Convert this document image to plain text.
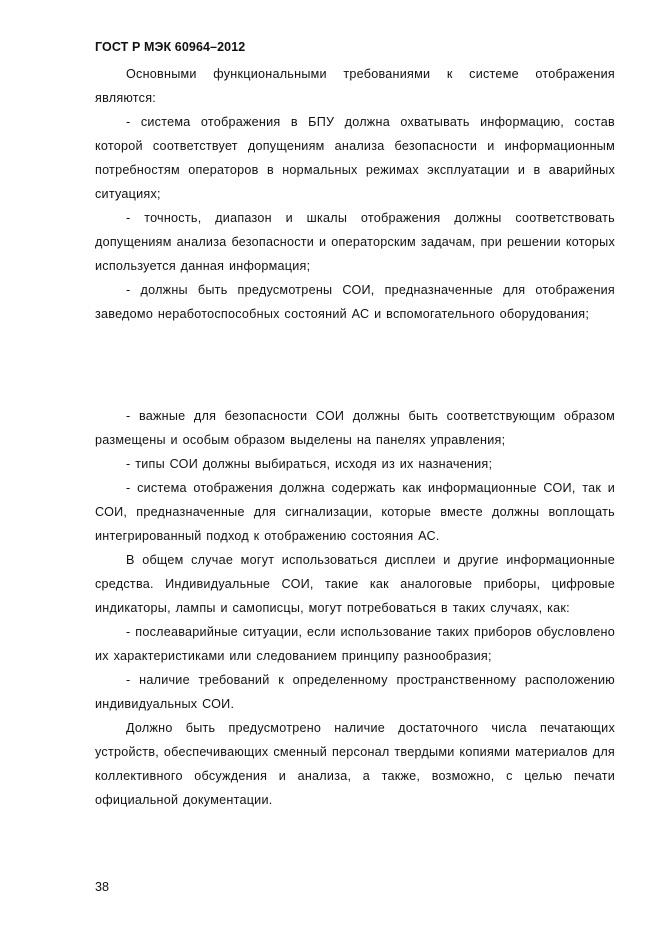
ГОСТ Р МЭК 60964–2012

Основными функциональными требованиями к системе отображения являются:

- система отображения в БПУ должна охватывать информацию, состав которой соответствует допущениям анализа безопасности и информационным потребностям операторов в нормальных режимах эксплуатации и в аварийных ситуациях;

- точность, диапазон и шкалы отображения должны соответствовать допущениям анализа безопасности и операторским задачам, при решении которых используется данная информация;

- должны быть предусмотрены СОИ, предназначенные для отображения заведомо неработоспособных состояний АС и вспомогательного оборудования;

- важные для безопасности СОИ должны быть соответствующим образом размещены и особым образом выделены на панелях управления;

- типы СОИ должны выбираться, исходя из их назначения;

- система отображения должна содержать как информационные СОИ, так и СОИ, предназначенные для сигнализации, которые вместе должны воплощать интегрированный подход к отображению состояния АС.

В общем случае могут использоваться дисплеи и другие информационные средства. Индивидуальные СОИ, такие как аналоговые приборы, цифровые индикаторы, лампы и самописцы, могут потребоваться в таких случаях, как:

- послеаварийные ситуации, если использование таких приборов обусловлено их характеристиками или следованием принципу разнообразия;

- наличие требований к определенному пространственному расположению индивидуальных СОИ.

Должно быть предусмотрено наличие достаточного числа печатающих устройств, обеспечивающих сменный персонал твердыми копиями материалов для коллективного обсуждения и анализа, а также, возможно, с целью печати официальной документации.

38
